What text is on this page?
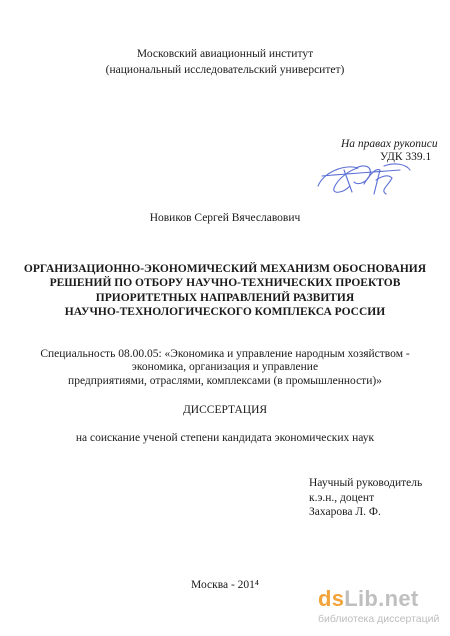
Московский авиационный институт
(национальный исследовательский университет)
На правах рукописи
УДК 339.1
Новиков Сергей Вячеславович
ОРГАНИЗАЦИОННО-ЭКОНОМИЧЕСКИЙ МЕХАНИЗМ ОБОСНОВАНИЯ
РЕШЕНИЙ ПО ОТБОРУ НАУЧНО-ТЕХНИЧЕСКИХ ПРОЕКТОВ
ПРИОРИТЕТНЫХ НАПРАВЛЕНИЙ РАЗВИТИЯ
НАУЧНО-ТЕХНОЛОГИЧЕСКОГО КОМПЛЕКСА РОССИИ
Специальность 08.00.05: «Экономика и управление народным хозяйством -
экономика, организация и управление
предприятиями, отраслями, комплексами (в промышленности)»
ДИССЕРТАЦИЯ
на соискание ученой степени кандидата экономических наук
Научный руководитель
к.э.н., доцент
Захарова Л. Ф.
Москва - 201⁴
dsLib.net
библиотека диссертаций
